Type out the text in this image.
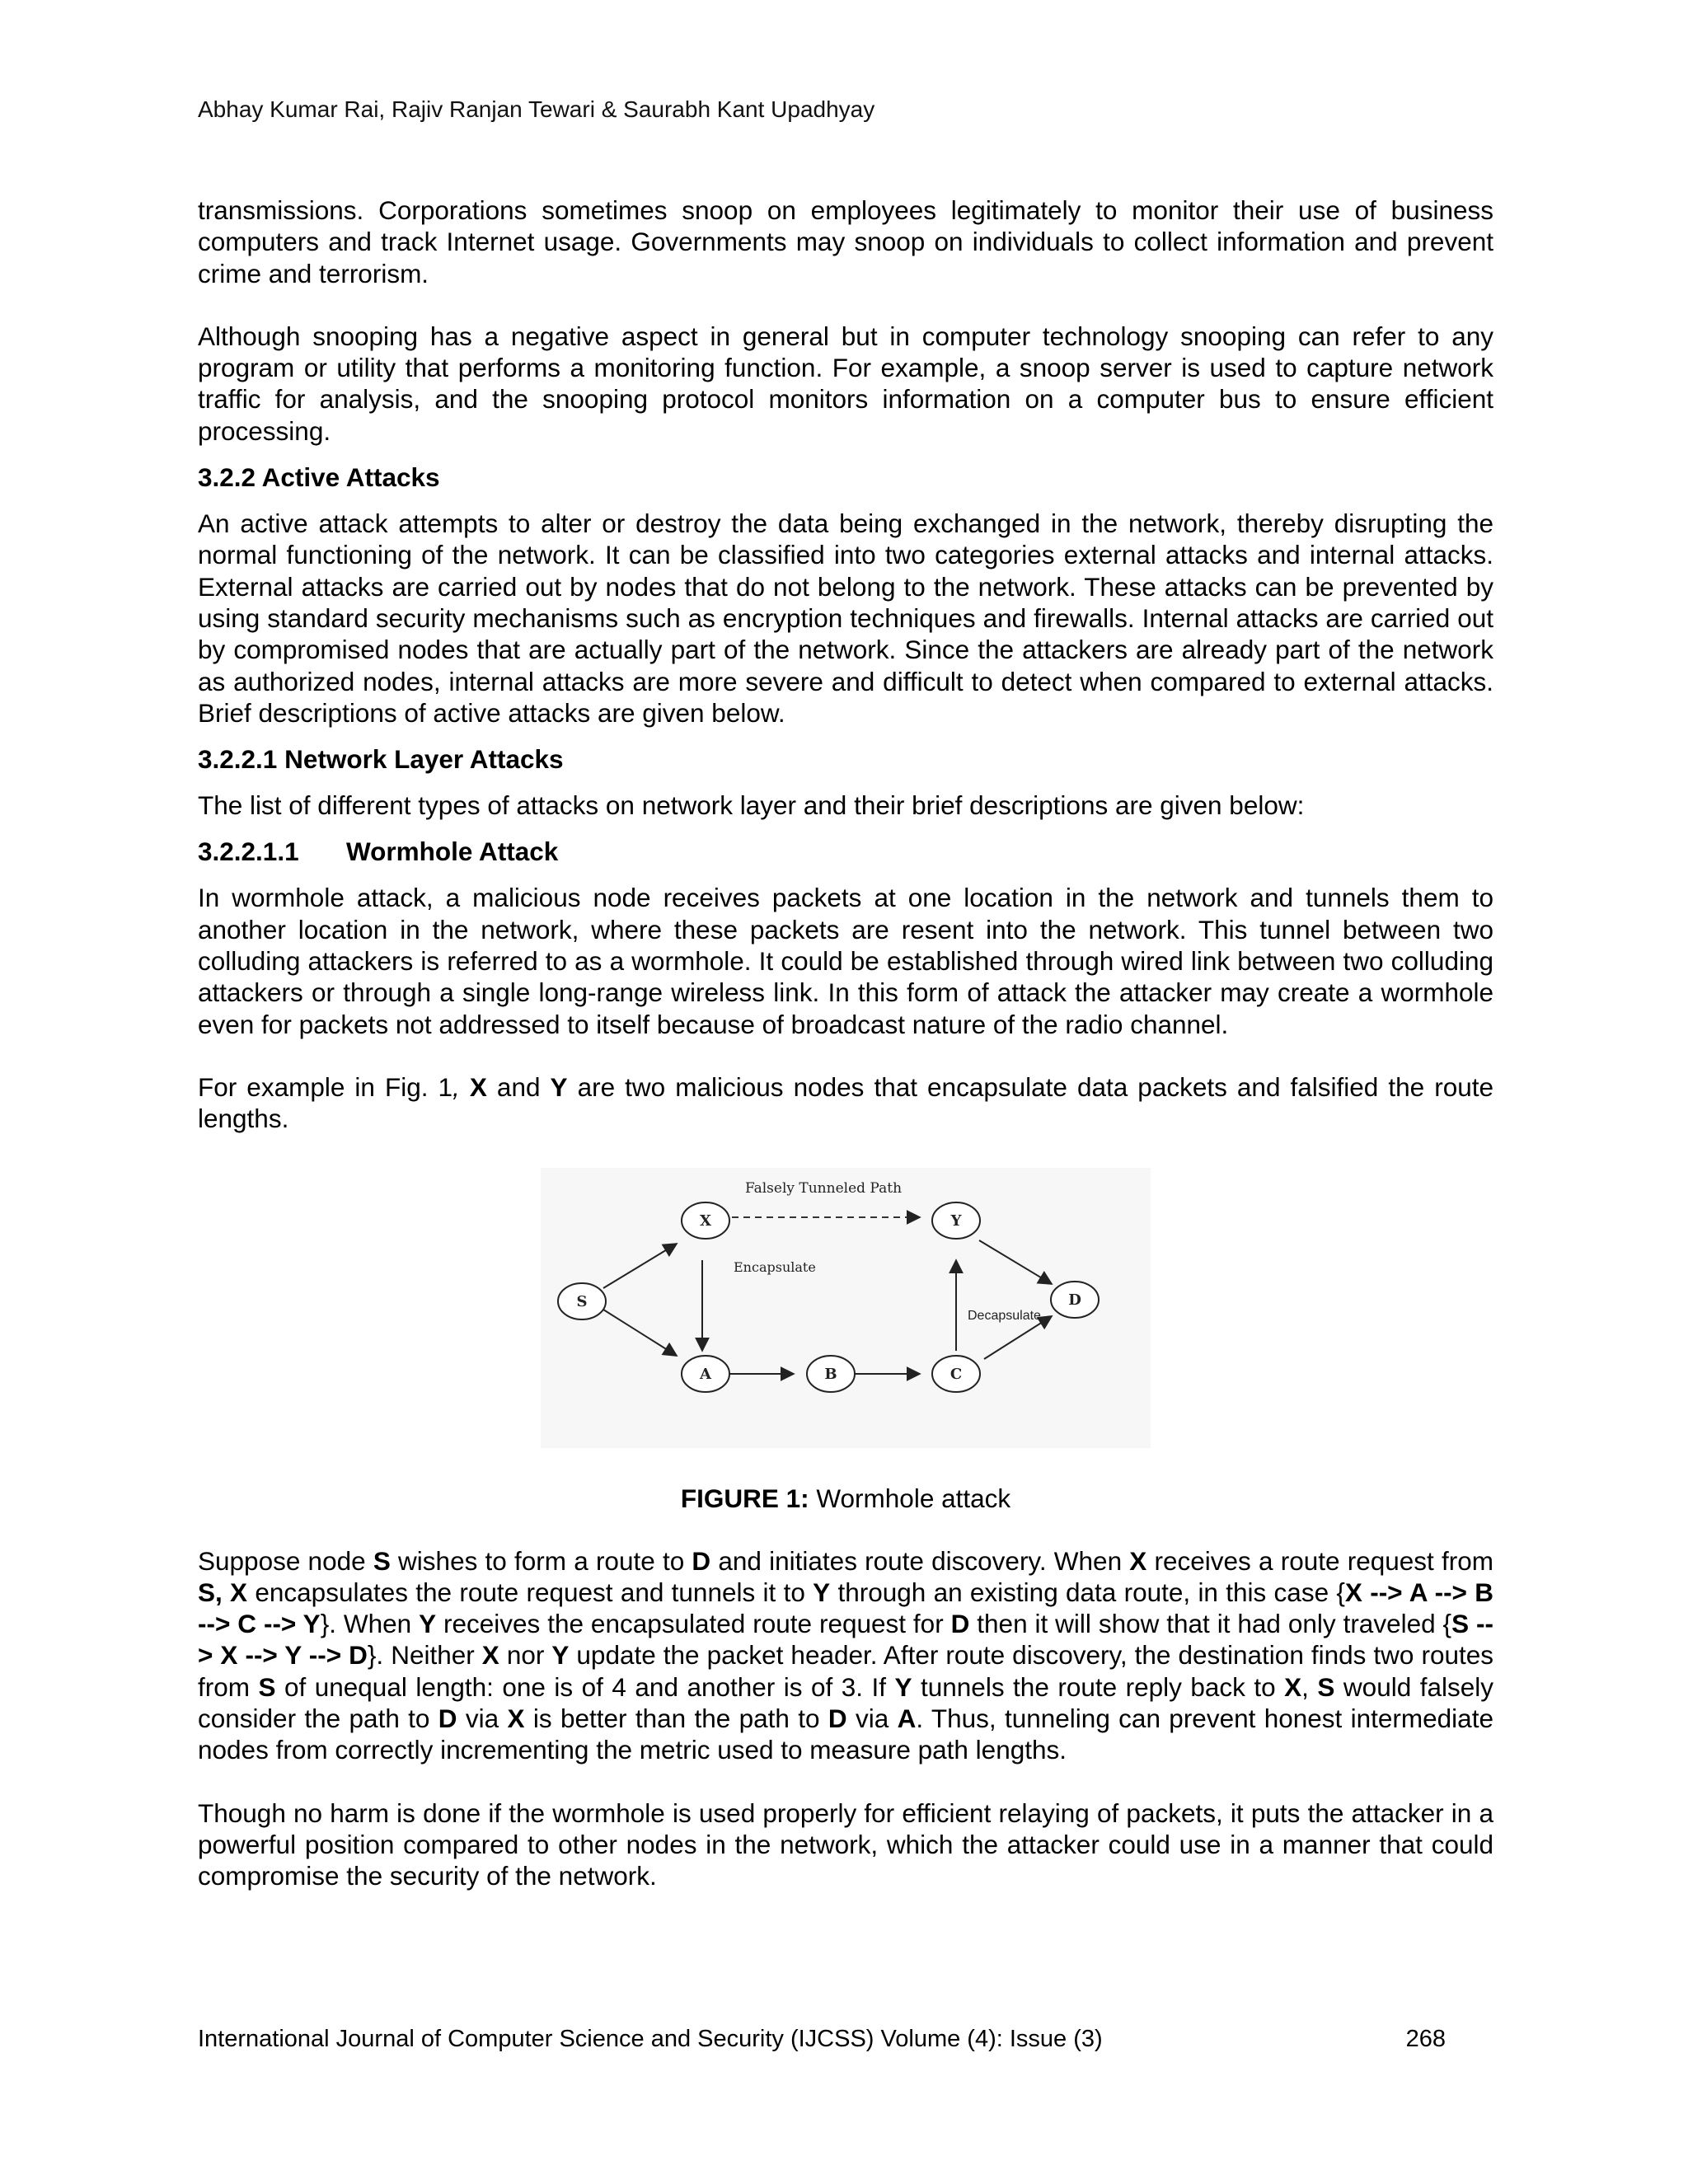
Abhay Kumar Rai, Rajiv Ranjan Tewari & Saurabh Kant Upadhyay

transmissions. Corporations sometimes snoop on employees legitimately to monitor their use of business computers and track Internet usage. Governments may snoop on individuals to collect information and prevent crime and terrorism.

Although snooping has a negative aspect in general but in computer technology snooping can refer to any program or utility that performs a monitoring function. For example, a snoop server is used to capture network traffic for analysis, and the snooping protocol monitors information on a computer bus to ensure efficient processing.

3.2.2 Active Attacks

An active attack attempts to alter or destroy the data being exchanged in the network, thereby disrupting the normal functioning of the network. It can be classified into two categories external attacks and internal attacks. External attacks are carried out by nodes that do not belong to the network. These attacks can be prevented by using standard security mechanisms such as encryption techniques and firewalls. Internal attacks are carried out by compromised nodes that are actually part of the network. Since the attackers are already part of the network as authorized nodes, internal attacks are more severe and difficult to detect when compared to external attacks. Brief descriptions of active attacks are given below.

3.2.2.1 Network Layer Attacks

The list of different types of attacks on network layer and their brief descriptions are given below:

3.2.2.1.1 Wormhole Attack

In wormhole attack, a malicious node receives packets at one location in the network and tunnels them to another location in the network, where these packets are resent into the network. This tunnel between two colluding attackers is referred to as a wormhole. It could be established through wired link between two colluding attackers or through a single long-range wireless link. In this form of attack the attacker may create a wormhole even for packets not addressed to itself because of broadcast nature of the radio channel.

For example in Fig. 1, X and Y are two malicious nodes that encapsulate data packets and falsified the route lengths.

Falsely Tunneled Path
Encapsulate
Decapsulate
S
X	Y
D
A	B	C
FIGURE 1: Wormhole attack

Suppose node S wishes to form a route to D and initiates route discovery. When X receives a route request from S, X encapsulates the route request and tunnels it to Y through an existing data route, in this case {X --> A --> B --> C --> Y}. When Y receives the encapsulated route request for D then it will show that it had only traveled {S --> X --> Y --> D}. Neither X nor Y update the packet header. After route discovery, the destination finds two routes from S of unequal length: one is of 4 and another is of 3. If Y tunnels the route reply back to X, S would falsely consider the path to D via X is better than the path to D via A. Thus, tunneling can prevent honest intermediate nodes from correctly incrementing the metric used to measure path lengths.

Though no harm is done if the wormhole is used properly for efficient relaying of packets, it puts the attacker in a powerful position compared to other nodes in the network, which the attacker could use in a manner that could compromise the security of the network.

International Journal of Computer Science and Security (IJCSS) Volume (4): Issue (3)	268
